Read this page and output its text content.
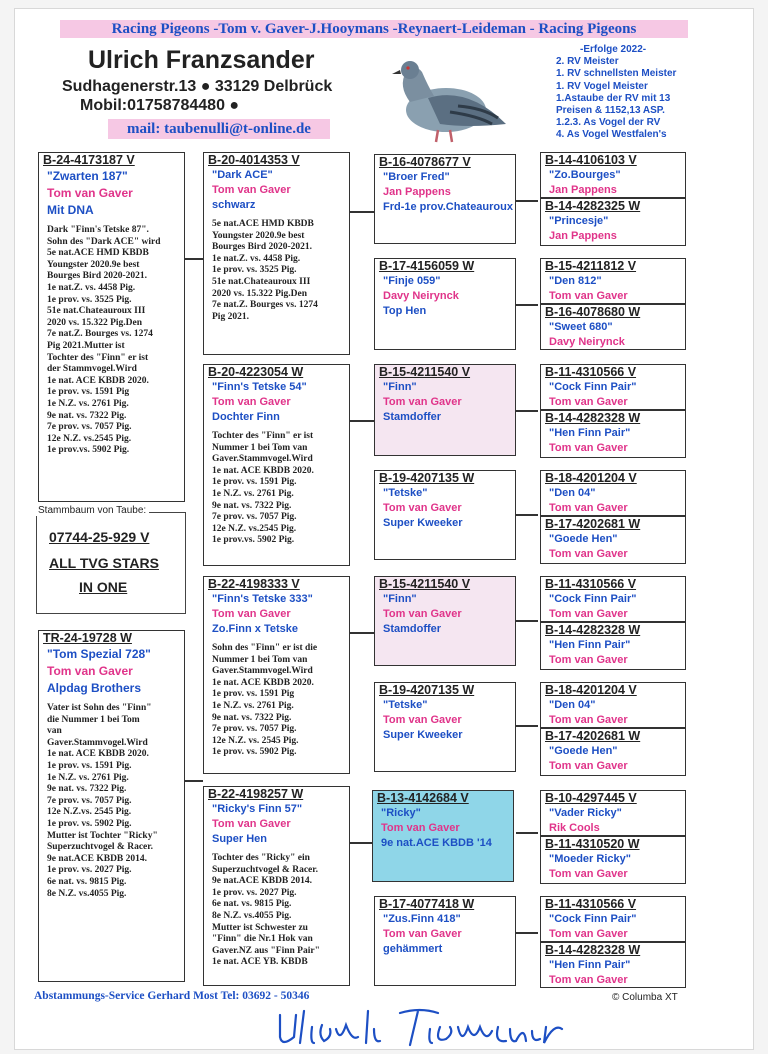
Racing Pigeons -Tom v. Gaver-J.Hooymans -Reynaert-Leideman - Racing Pigeons
Ulrich Franzsander
Sudhagenerstr.13 ● 33129 Delbrück
Mobil:01758784480 ●
mail: taubenulli@t-online.de
-Erfolge 2022-
2. RV Meister
1. RV schnellsten Meister
1. RV Vogel Meister
1.Astaube der RV mit 13
Preisen & 1152,13 ASP.
1.2.3. As Vogel der RV
4. As Vogel Westfalen's
B-24-4173187 V
"Zwarten 187"
Tom van Gaver
Mit DNA
Dark "Finn's Tetske 87".
Sohn des "Dark ACE" wird
5e nat.ACE HMD KBDB
Youngster 2020.9e best
Bourges Bird 2020-2021.
1e nat.Z. vs. 4458 Pig.
1e prov. vs. 3525 Pig.
51e nat.Chateauroux III
2020 vs. 15.322 Pig.Den
7e nat.Z. Bourges vs. 1274
Pig 2021.Mutter ist
Tochter des "Finn" er ist
der Stammvogel.Wird
1e nat. ACE KBDB 2020.
1e prov. vs. 1591 Pig
1e N.Z. vs. 2761 Pig.
9e nat. vs. 7322 Pig.
7e prov. vs. 7057 Pig.
12e N.Z. vs.2545 Pig.
1e prov.vs. 5902 Pig.
Stammbaum von Taube:
07744-25-929 V
ALL TVG STARS
IN ONE
TR-24-19728 W
"Tom Spezial 728"
Tom van Gaver
Alpdag Brothers
Vater ist Sohn des "Finn"
die Nummer 1 bei Tom
van
Gaver.Stammvogel.Wird
1e nat. ACE KBDB 2020.
1e prov. vs. 1591 Pig.
1e N.Z. vs. 2761 Pig.
9e nat. vs. 7322 Pig.
7e prov. vs. 7057 Pig.
12e N.Z.vs. 2545 Pig.
1e prov. vs. 5902 Pig.
Mutter ist Tochter "Ricky"
Superzuchtvogel & Racer.
9e nat.ACE KBDB 2014.
1e prov. vs. 2027 Pig.
6e nat. vs. 9815 Pig.
8e N.Z. vs.4055 Pig.
B-20-4014353 V
"Dark ACE"
Tom van Gaver
schwarz
5e nat.ACE HMD KBDB
Youngster 2020.9e best
Bourges Bird 2020-2021.
1e nat.Z. vs. 4458 Pig.
1e prov. vs. 3525 Pig.
51e nat.Chateauroux III
2020 vs. 15.322 Pig.Den
7e nat.Z. Bourges vs. 1274
Pig 2021.
B-20-4223054 W
"Finn's Tetske 54"
Tom van Gaver
Dochter Finn
Tochter des "Finn" er ist
Nummer 1 bei Tom van
Gaver.Stammvogel.Wird
1e nat. ACE KBDB 2020.
1e prov. vs. 1591 Pig.
1e N.Z. vs. 2761 Pig.
9e nat. vs. 7322 Pig.
7e prov. vs. 7057 Pig.
12e N.Z. vs.2545 Pig.
1e prov.vs. 5902 Pig.
B-22-4198333 V
"Finn's Tetske 333"
Tom van Gaver
Zo.Finn x Tetske
Sohn des "Finn" er ist die
Nummer 1 bei Tom van
Gaver.Stammvogel.Wird
1e nat. ACE KBDB 2020.
1e prov. vs. 1591 Pig
1e N.Z. vs. 2761 Pig.
9e nat. vs. 7322 Pig.
7e prov. vs. 7057 Pig.
12e N.Z. vs. 2545 Pig.
1e prov. vs. 5902 Pig.
B-22-4198257 W
"Ricky's Finn 57"
Tom van Gaver
Super Hen
Tochter des "Ricky" ein
Superzuchtvogel & Racer.
9e nat.ACE KBDB 2014.
1e prov. vs. 2027 Pig.
6e nat. vs. 9815 Pig.
8e N.Z. vs.4055 Pig.
Mutter ist Schwester zu
"Finn" die Nr.1 Hok van
Gaver.NZ aus "Finn Pair"
1e nat. ACE YB. KBDB
B-16-4078677 V
"Broer Fred"
Jan Pappens
Frd-1e prov.Chateauroux
B-17-4156059 W
"Finje 059"
Davy Neirynck
Top Hen
B-15-4211540 V
"Finn"
Tom van Gaver
Stamdoffer
B-19-4207135 W
"Tetske"
Tom van Gaver
Super Kweeker
B-15-4211540 V
"Finn"
Tom van Gaver
Stamdoffer
B-19-4207135 W
"Tetske"
Tom van Gaver
Super Kweeker
B-13-4142684 V
"Ricky"
Tom van Gaver
9e nat.ACE KBDB '14
B-17-4077418 W
"Zus.Finn 418"
Tom van Gaver
gehämmert
B-14-4106103 V
"Zo.Bourges"
Jan Pappens
B-14-4282325 W
"Princesje"
Jan Pappens
B-15-4211812 V
"Den 812"
Tom van Gaver
B-16-4078680 W
"Sweet 680"
Davy Neirynck
B-11-4310566 V
"Cock Finn Pair"
Tom van Gaver
B-14-4282328 W
"Hen Finn Pair"
Tom van Gaver
B-18-4201204 V
"Den 04"
Tom van Gaver
B-17-4202681 W
"Goede Hen"
Tom van Gaver
B-11-4310566 V
"Cock Finn Pair"
Tom van Gaver
B-14-4282328 W
"Hen Finn Pair"
Tom van Gaver
B-18-4201204 V
"Den 04"
Tom van Gaver
B-17-4202681 W
"Goede Hen"
Tom van Gaver
B-10-4297445 V
"Vader Ricky"
Rik Cools
B-11-4310520 W
"Moeder Ricky"
Tom van Gaver
B-11-4310566 V
"Cock Finn Pair"
Tom van Gaver
B-14-4282328 W
"Hen Finn Pair"
Tom van Gaver
Abstammungs-Service Gerhard Most Tel: 03692 - 50346	© Columba XT
